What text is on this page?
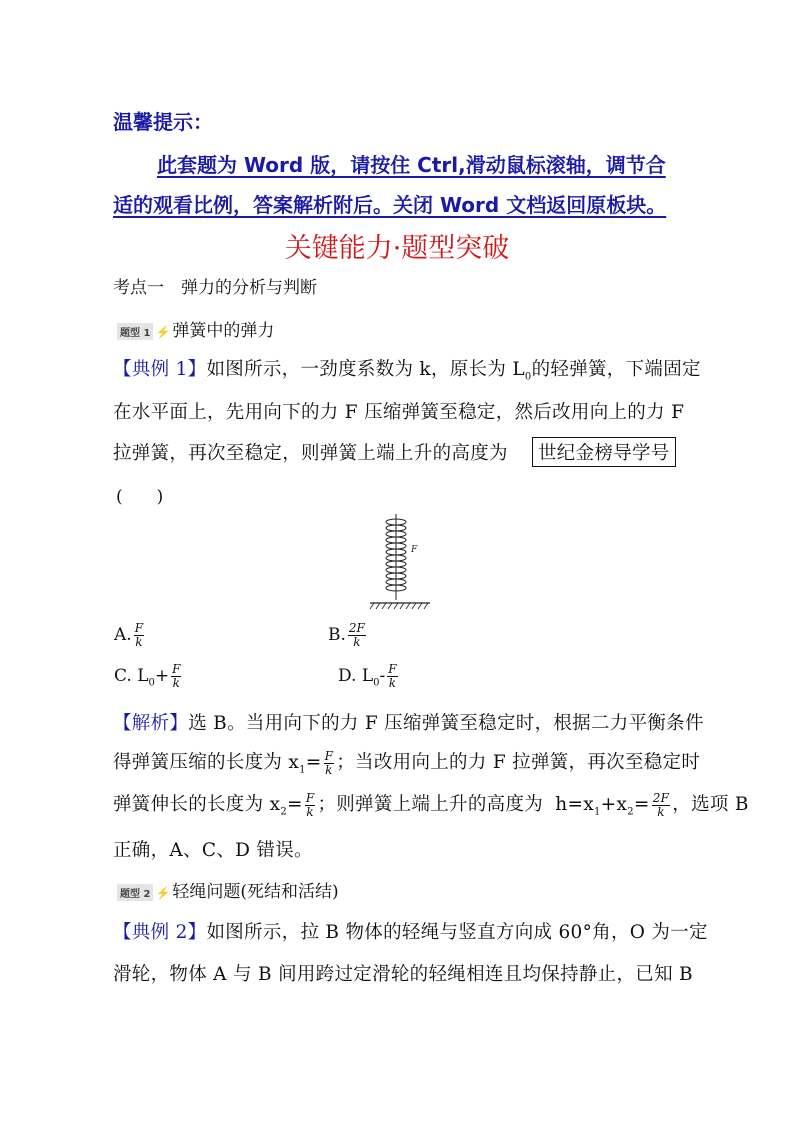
温馨提示：
此套题为 Word 版，请按住 Ctrl,滑动鼠标滚轴，调节合
适的观看比例，答案解析附后。关闭 Word 文档返回原板块。
关键能力·题型突破
考点一　弹力的分析与判断
题型 1 ⚡ 弹簧中的弹力
【典例 1】如图所示，一劲度系数为 k，原长为 $L_0$的轻弹簧，下端固定
在水平面上，先用向下的力 F 压缩弹簧至稳定，然后改用向上的力 F
拉弹簧，再次至稳定，则弹簧上端上升的高度为	世纪金榜导学号
(　　)
F
A. $\frac{F}{k}$	B. $\frac{2F}{k}$
C. $L_0+ \frac{F}{k}$	D. $L_0- \frac{F}{k}$
【解析】选 B。当用向下的力 F 压缩弹簧至稳定时，根据二力平衡条件
得弹簧压缩的长度为 $x_1= \frac{F}{k}$ ；当改用向上的力 F 拉弹簧，再次至稳定时
弹簧伸长的长度为 $x_2= \frac{F}{k}$ ；则弹簧上端上升的高度为 $h=x_1+x_2= \frac{2F}{k}$ ，选项 B
正确，A、C、D 错误。
题型 2 ⚡ 轻绳问题(死结和活结)
【典例 2】如图所示，拉 B 物体的轻绳与竖直方向成 60°角，O 为一定
滑轮，物体 A 与 B 间用跨过定滑轮的轻绳相连且均保持静止，已知 B
